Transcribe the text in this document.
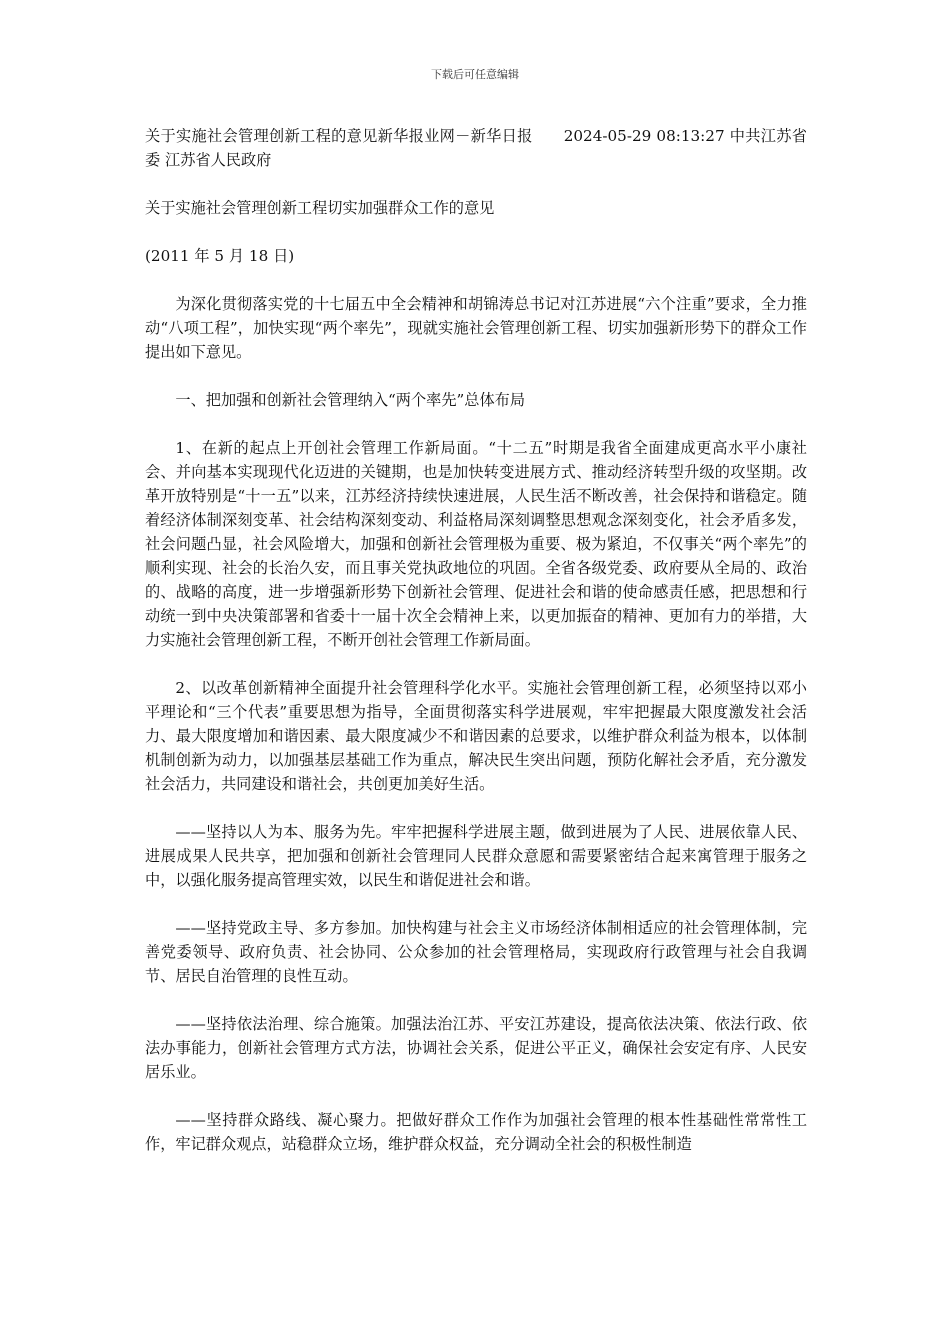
下载后可任意编辑

关于实施社会管理创新工程的意见新华报业网－新华日报　　2024-05-29 08:13:27 中共江苏省委 江苏省人民政府

关于实施社会管理创新工程切实加强群众工作的意见

(2011 年 5 月 18 日)

为深化贯彻落实党的十七届五中全会精神和胡锦涛总书记对江苏进展“六个注重”要求，全力推动“八项工程”，加快实现“两个率先”，现就实施社会管理创新工程、切实加强新形势下的群众工作提出如下意见。

一、把加强和创新社会管理纳入“两个率先”总体布局

1、在新的起点上开创社会管理工作新局面。“十二五”时期是我省全面建成更高水平小康社会、并向基本实现现代化迈进的关键期，也是加快转变进展方式、推动经济转型升级的攻坚期。改革开放特别是“十一五”以来，江苏经济持续快速进展，人民生活不断改善，社会保持和谐稳定。随着经济体制深刻变革、社会结构深刻变动、利益格局深刻调整思想观念深刻变化，社会矛盾多发，社会问题凸显，社会风险增大，加强和创新社会管理极为重要、极为紧迫，不仅事关“两个率先”的顺利实现、社会的长治久安，而且事关党执政地位的巩固。全省各级党委、政府要从全局的、政治的、战略的高度，进一步增强新形势下创新社会管理、促进社会和谐的使命感责任感，把思想和行动统一到中央决策部署和省委十一届十次全会精神上来，以更加振奋的精神、更加有力的举措，大力实施社会管理创新工程，不断开创社会管理工作新局面。

2、以改革创新精神全面提升社会管理科学化水平。实施社会管理创新工程，必须坚持以邓小平理论和“三个代表”重要思想为指导，全面贯彻落实科学进展观，牢牢把握最大限度激发社会活力、最大限度增加和谐因素、最大限度减少不和谐因素的总要求，以维护群众利益为根本，以体制机制创新为动力，以加强基层基础工作为重点，解决民生突出问题，预防化解社会矛盾，充分激发社会活力，共同建设和谐社会，共创更加美好生活。

——坚持以人为本、服务为先。牢牢把握科学进展主题，做到进展为了人民、进展依靠人民、进展成果人民共享，把加强和创新社会管理同人民群众意愿和需要紧密结合起来寓管理于服务之中，以强化服务提高管理实效，以民生和谐促进社会和谐。

——坚持党政主导、多方参加。加快构建与社会主义市场经济体制相适应的社会管理体制，完善党委领导、政府负责、社会协同、公众参加的社会管理格局，实现政府行政管理与社会自我调节、居民自治管理的良性互动。

——坚持依法治理、综合施策。加强法治江苏、平安江苏建设，提高依法决策、依法行政、依法办事能力，创新社会管理方式方法，协调社会关系，促进公平正义，确保社会安定有序、人民安居乐业。

——坚持群众路线、凝心聚力。把做好群众工作作为加强社会管理的根本性基础性常常性工作，牢记群众观点，站稳群众立场，维护群众权益，充分调动全社会的积极性制造
